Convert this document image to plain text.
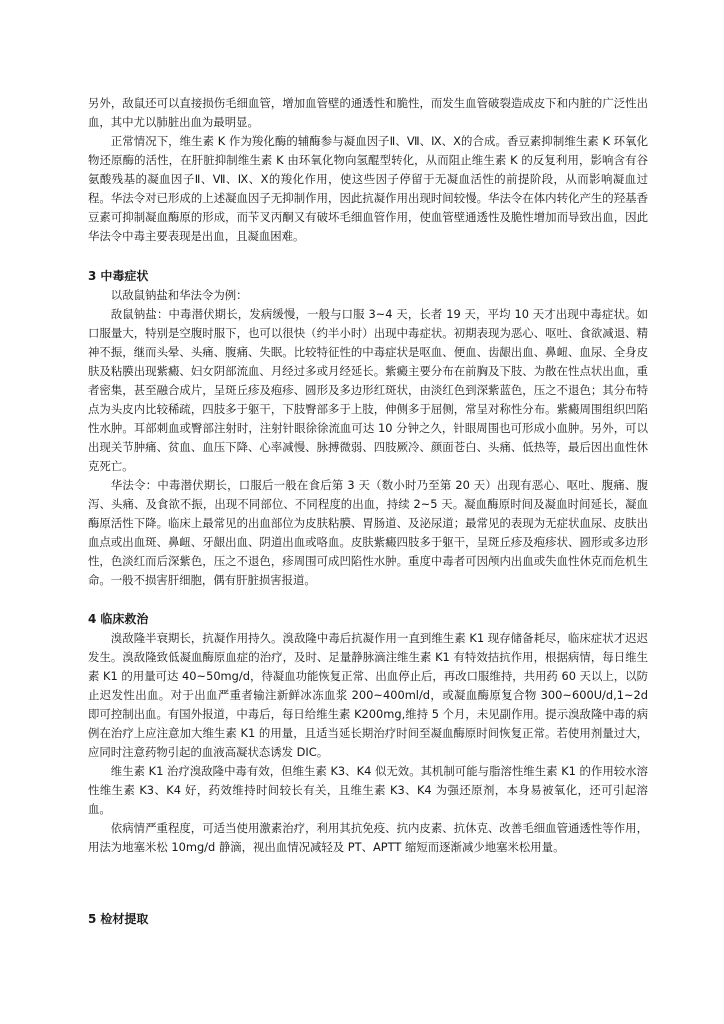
另外，敌鼠还可以直接损伤毛细血管，增加血管壁的通透性和脆性，而发生血管破裂造成皮下和内脏的广泛性出血，其中尤以肺脏出血为最明显。

正常情况下，维生素 K 作为羧化酶的辅酶参与凝血因子Ⅱ、Ⅶ、Ⅸ、Ⅹ的合成。香豆素抑制维生素 K 环氧化物还原酶的活性，在肝脏抑制维生素 K 由环氧化物向氢醌型转化，从而阻止维生素 K 的反复利用，影响含有谷氨酸残基的凝血因子Ⅱ、Ⅶ、Ⅸ、Ⅹ的羧化作用，使这些因子停留于无凝血活性的前提阶段，从而影响凝血过程。华法令对已形成的上述凝血因子无抑制作用，因此抗凝作用出现时间较慢。华法令在体内转化产生的羟基香豆素可抑制凝血酶原的形成，而苄叉丙酮又有破坏毛细血管作用，使血管壁通透性及脆性增加而导致出血，因此华法令中毒主要表现是出血，且凝血困难。

3 中毒症状

以敌鼠钠盐和华法令为例：

敌鼠钠盐：中毒潜伏期长，发病缓慢，一般与口服 3~4 天，长者 19 天，平均 10 天才出现中毒症状。如口服量大，特别是空腹时服下，也可以很快（约半小时）出现中毒症状。初期表现为恶心、呕吐、食欲减退、精神不振，继而头晕、头痛、腹痛、失眠。比较特征性的中毒症状是呕血、便血、齿龈出血、鼻衄、血尿、全身皮肤及粘膜出现紫癜、妇女阴部流血、月经过多或月经延长。紫癜主要分布在前胸及下肢、为散在性点状出血，重者密集，甚至融合成片，呈斑丘疹及疱疹、圆形及多边形红斑状，由淡红色到深紫蓝色，压之不退色；其分布特点为头皮内比较稀疏，四肢多于躯干，下肢臀部多于上肢，伸侧多于屈侧，常呈对称性分布。紫癜周围组织凹陷性水肿。耳部刺血或臀部注射时，注射针眼徐徐流血可达 10 分钟之久，针眼周围也可形成小血肿。另外，可以出现关节肿痛、贫血、血压下降、心率减慢、脉搏微弱、四肢厥冷、颜面苍白、头痛、低热等，最后因出血性休克死亡。

华法令：中毒潜伏期长，口服后一般在食后第 3 天（数小时乃至第 20 天）出现有恶心、呕吐、腹痛、腹泻、头痛、及食欲不振，出现不同部位、不同程度的出血，持续 2~5 天。凝血酶原时间及凝血时间延长，凝血酶原活性下降。临床上最常见的出血部位为皮肤粘膜、胃肠道、及泌尿道；最常见的表现为无症状血尿、皮肤出血点或出血斑、鼻衄、牙龈出血、阴道出血或咯血。皮肤紫癜四肢多于躯干，呈斑丘疹及疱疹状、圆形或多边形性，色淡红而后深紫色，压之不退色，疹周围可成凹陷性水肿。重度中毒者可因颅内出血或失血性休克而危机生命。一般不损害肝细胞，偶有肝脏损害报道。

4 临床救治

溴敌隆半衰期长，抗凝作用持久。溴敌隆中毒后抗凝作用一直到维生素 K1 现存储备耗尽，临床症状才迟迟发生。溴敌隆致低凝血酶原血症的治疗，及时、足量静脉滴注维生素 K1 有特效拮抗作用，根据病情，每日维生素 K1 的用量可达 40~50mg/d，待凝血功能恢复正常、出血停止后，再改口服维持，共用药 60 天以上，以防止迟发性出血。对于出血严重者输注新鲜冰冻血浆 200~400ml/d，或凝血酶原复合物 300~600U/d,1~2d 即可控制出血。有国外报道，中毒后，每日给维生素 K200mg,维持 5 个月，未见副作用。提示溴敌隆中毒的病例在治疗上应注意加大维生素 K1 的用量，且适当延长期治疗时间至凝血酶原时间恢复正常。若使用剂量过大，应同时注意药物引起的血液高凝状态诱发 DIC。

维生素 K1 治疗溴敌隆中毒有效，但维生素 K3、K4 似无效。其机制可能与脂溶性维生素 K1 的作用较水溶性维生素 K3、K4 好，药效维持时间较长有关，且维生素 K3、K4 为强还原剂，本身易被氧化，还可引起溶血。

依病情严重程度，可适当使用激素治疗，利用其抗免疫、抗内皮素、抗休克、改善毛细血管通透性等作用，用法为地塞米松 10mg/d 静滴，视出血情况减轻及 PT、APTT 缩短而逐渐减少地塞米松用量。

5 检材提取
